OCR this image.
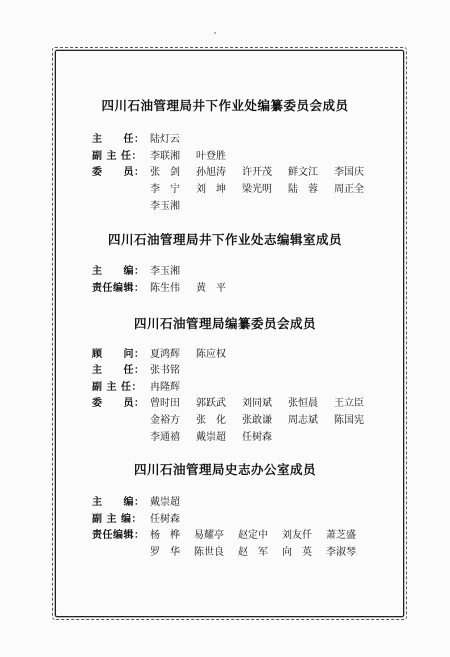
四川石油管理局井下作业处编纂委员会成员
主　　任： 陆灯云
副 主 任： 李联湘	叶登胜
委　　员： 张　剑	孙旭涛	许开茂	鲜文江	李国庆
李　宁	刘　坤	梁光明	陆　蓉	周正全
李玉湘
四川石油管理局井下作业处志编辑室成员
主　　编： 李玉湘
责任编辑： 陈生伟	黄　平
四川石油管理局编纂委员会成员
顾　　问： 夏鸿辉	陈应权
主　　任： 张书铭
副 主 任： 冉隆辉
委　　员： 曾时田	郭跃武	刘同斌	张恒晨	王立臣
金裕方	张　化	张敢谦	周志斌	陈国宪
李通禧	戴崇超	任树森
四川石油管理局史志办公室成员
主　　编： 戴崇超
副 主 编： 任树森
责任编辑： 杨　桦	易耀亭	赵定中	刘友仟	萧芝盛
罗　华	陈世良	赵　军	向　英	李淑琴
